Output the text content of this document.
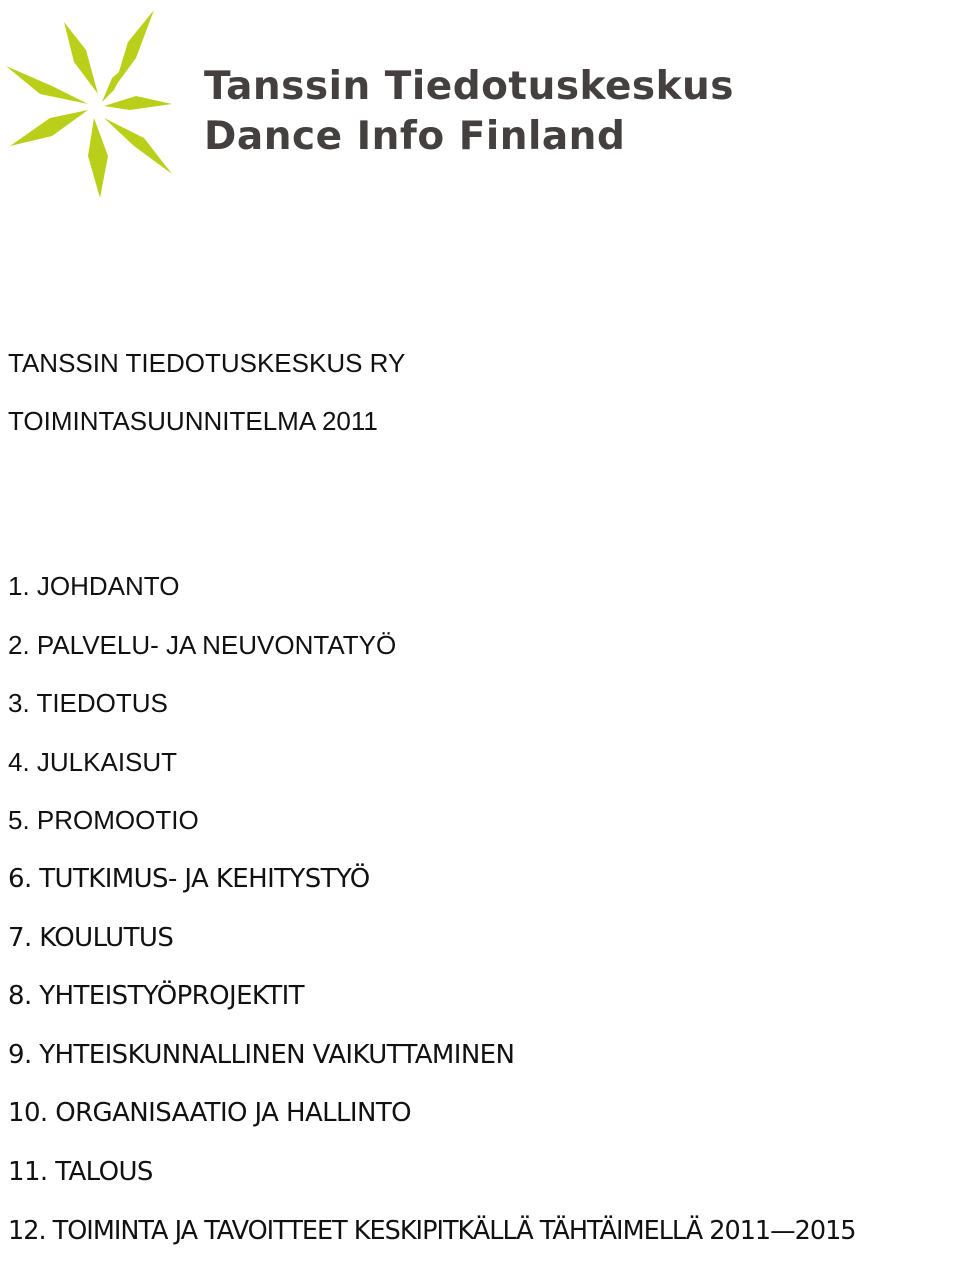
Tanssin Tiedotuskeskus
Dance Info Finland
TANSSIN TIEDOTUSKESKUS RY
TOIMINTASUUNNITELMA 2011
1. JOHDANTO
2. PALVELU- JA NEUVONTATYÖ
3. TIEDOTUS
4. JULKAISUT
5. PROMOOTIO
6. TUTKIMUS- JA KEHITYSTYÖ
7. KOULUTUS
8. YHTEISTYÖPROJEKTIT
9. YHTEISKUNNALLINEN VAIKUTTAMINEN
10. ORGANISAATIO JA HALLINTO
11. TALOUS
12. TOIMINTA JA TAVOITTEET KESKIPITKÄLLÄ TÄHTÄIMELLÄ 2011—2015
